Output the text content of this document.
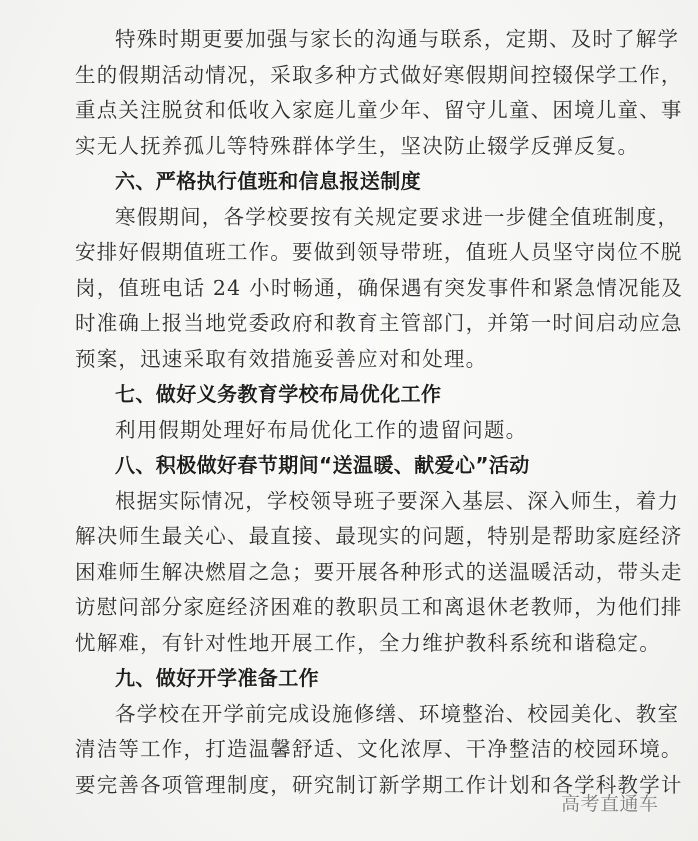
特殊时期更要加强与家长的沟通与联系，定期、及时了解学
生的假期活动情况，采取多种方式做好寒假期间控辍保学工作，
重点关注脱贫和低收入家庭儿童少年、留守儿童、困境儿童、事
实无人抚养孤儿等特殊群体学生，坚决防止辍学反弹反复。
六、严格执行值班和信息报送制度
寒假期间，各学校要按有关规定要求进一步健全值班制度，
安排好假期值班工作。要做到领导带班，值班人员坚守岗位不脱
岗，值班电话 24 小时畅通，确保遇有突发事件和紧急情况能及
时准确上报当地党委政府和教育主管部门，并第一时间启动应急
预案，迅速采取有效措施妥善应对和处理。
七、做好义务教育学校布局优化工作
利用假期处理好布局优化工作的遗留问题。
八、积极做好春节期间“送温暖、献爱心”活动
根据实际情况，学校领导班子要深入基层、深入师生，着力
解决师生最关心、最直接、最现实的问题，特别是帮助家庭经济
困难师生解决燃眉之急；要开展各种形式的送温暖活动，带头走
访慰问部分家庭经济困难的教职员工和离退休老教师，为他们排
忧解难，有针对性地开展工作，全力维护教科系统和谐稳定。
九、做好开学准备工作
各学校在开学前完成设施修缮、环境整治、校园美化、教室
清洁等工作，打造温馨舒适、文化浓厚、干净整洁的校园环境。
要完善各项管理制度，研究制订新学期工作计划和各学科教学计
高考直通车
